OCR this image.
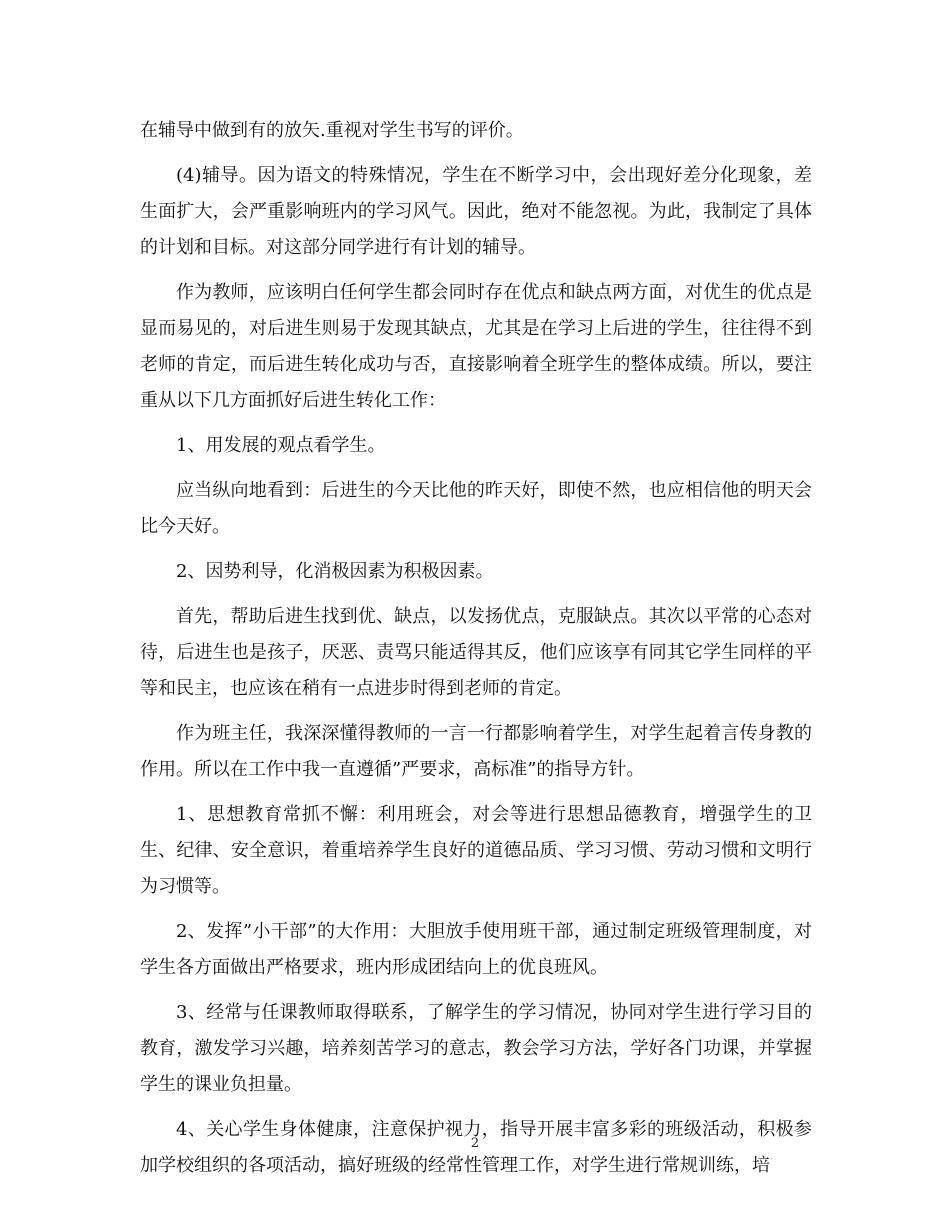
在辅导中做到有的放矢.重视对学生书写的评价。

(4)辅导。因为语文的特殊情况，学生在不断学习中，会出现好差分化现象，差生面扩大，会严重影响班内的学习风气。因此，绝对不能忽视。为此，我制定了具体的计划和目标。对这部分同学进行有计划的辅导。

作为教师，应该明白任何学生都会同时存在优点和缺点两方面，对优生的优点是显而易见的，对后进生则易于发现其缺点，尤其是在学习上后进的学生，往往得不到老师的肯定，而后进生转化成功与否，直接影响着全班学生的整体成绩。所以，要注重从以下几方面抓好后进生转化工作：

1、用发展的观点看学生。

应当纵向地看到：后进生的今天比他的昨天好，即使不然，也应相信他的明天会比今天好。

2、因势利导，化消极因素为积极因素。

首先，帮助后进生找到优、缺点，以发扬优点，克服缺点。其次以平常的心态对待，后进生也是孩子，厌恶、责骂只能适得其反，他们应该享有同其它学生同样的平等和民主，也应该在稍有一点进步时得到老师的肯定。

作为班主任，我深深懂得教师的一言一行都影响着学生，对学生起着言传身教的作用。所以在工作中我一直遵循”严要求，高标准”的指导方针。

1、思想教育常抓不懈：利用班会，对会等进行思想品德教育，增强学生的卫生、纪律、安全意识，着重培养学生良好的道德品质、学习习惯、劳动习惯和文明行为习惯等。

2、发挥”小干部”的大作用：大胆放手使用班干部，通过制定班级管理制度，对学生各方面做出严格要求，班内形成团结向上的优良班风。

3、经常与任课教师取得联系，了解学生的学习情况，协同对学生进行学习目的教育，激发学习兴趣，培养刻苦学习的意志，教会学习方法，学好各门功课，并掌握学生的课业负担量。

4、关心学生身体健康，注意保护视力，指导开展丰富多彩的班级活动，积极参加学校组织的各项活动，搞好班级的经常性管理工作，对学生进行常规训练，培

2
